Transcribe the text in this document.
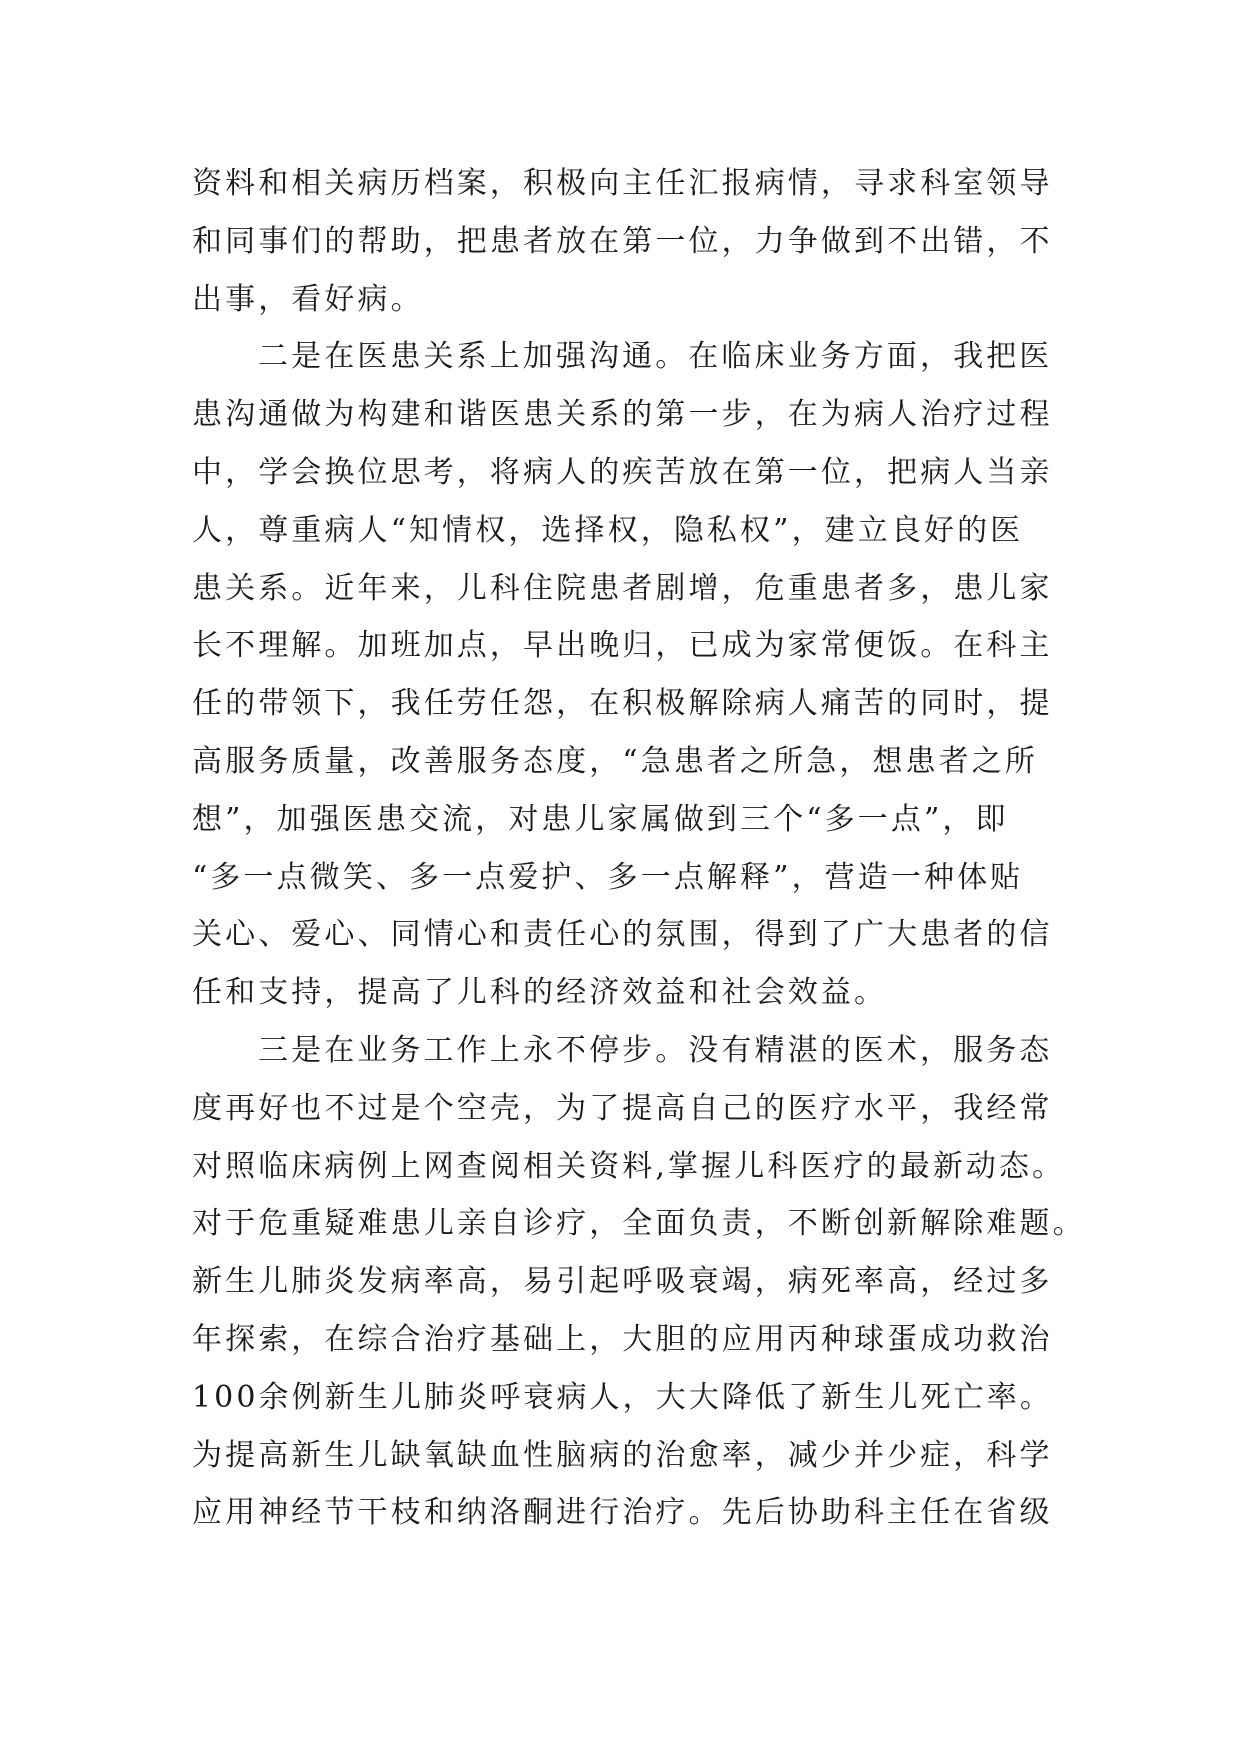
资料和相关病历档案，积极向主任汇报病情，寻求科室领导
和同事们的帮助，把患者放在第一位，力争做到不出错，不
出事，看好病。
二是在医患关系上加强沟通。在临床业务方面，我把医
患沟通做为构建和谐医患关系的第一步，在为病人治疗过程
中，学会换位思考，将病人的疾苦放在第一位，把病人当亲
人，尊重病人“知情权，选择权，隐私权”，建立良好的医
患关系。近年来，儿科住院患者剧增，危重患者多，患儿家
长不理解。加班加点，早出晚归，已成为家常便饭。在科主
任的带领下，我任劳任怨，在积极解除病人痛苦的同时，提
高服务质量，改善服务态度，“急患者之所急，想患者之所
想”，加强医患交流，对患儿家属做到三个“多一点”，即
“多一点微笑、多一点爱护、多一点解释”，营造一种体贴
关心、爱心、同情心和责任心的氛围，得到了广大患者的信
任和支持，提高了儿科的经济效益和社会效益。
三是在业务工作上永不停步。没有精湛的医术，服务态
度再好也不过是个空壳，为了提高自己的医疗水平，我经常
对照临床病例上网查阅相关资料,掌握儿科医疗的最新动态。
对于危重疑难患儿亲自诊疗，全面负责，不断创新解除难题。
新生儿肺炎发病率高，易引起呼吸衰竭，病死率高，经过多
年探索，在综合治疗基础上，大胆的应用丙种球蛋成功救治
100余例新生儿肺炎呼衰病人，大大降低了新生儿死亡率。
为提高新生儿缺氧缺血性脑病的治愈率，减少并少症，科学
应用神经节干枝和纳洛酮进行治疗。先后协助科主任在省级
